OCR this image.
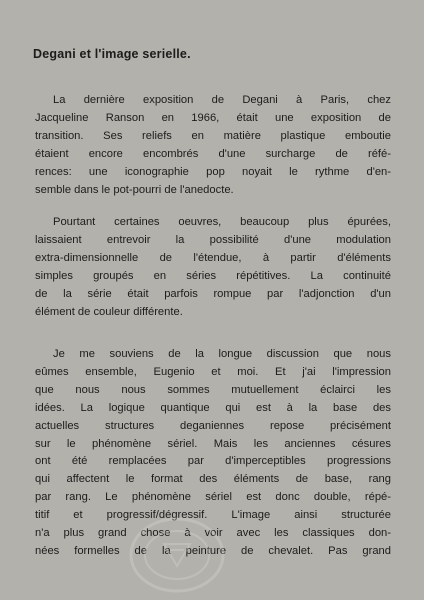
Degani et l'image serielle.

La dernière exposition de Degani à Paris, chez
Jacqueline Ranson en 1966, était une exposition de
transition. Ses reliefs en matière plastique emboutie
étaient encore encombrés d'une surcharge de réfé-
rences: une iconographie pop noyait le rythme d'en-
semble dans le pot-pourri de l'anedocte.

Pourtant certaines oeuvres, beaucoup plus épurées,
laissaient entrevoir la possibilité d'une modulation
extra-dimensionnelle de l'étendue, à partir d'éléments
simples groupés en séries répétitives. La continuité
de la série était parfois rompue par l'adjonction d'un
élément de couleur différente.

Je me souviens de la longue discussion que nous
eûmes ensemble, Eugenio et moi. Et j'ai l'impression
que nous nous sommes mutuellement éclairci les
idées. La logique quantique qui est à la base des
actuelles structures deganiennes repose précisément
sur le phénomène sériel. Mais les anciennes césures
ont été remplacées par d'imperceptibles progressions
qui affectent le format des éléments de base, rang
par rang. Le phénomène sériel est donc double, répé-
titif et progressif/dégressif. L'image ainsi structurée
n'a plus grand chose à voir avec les classiques don-
nées formelles de la peinture de chevalet. Pas grand
